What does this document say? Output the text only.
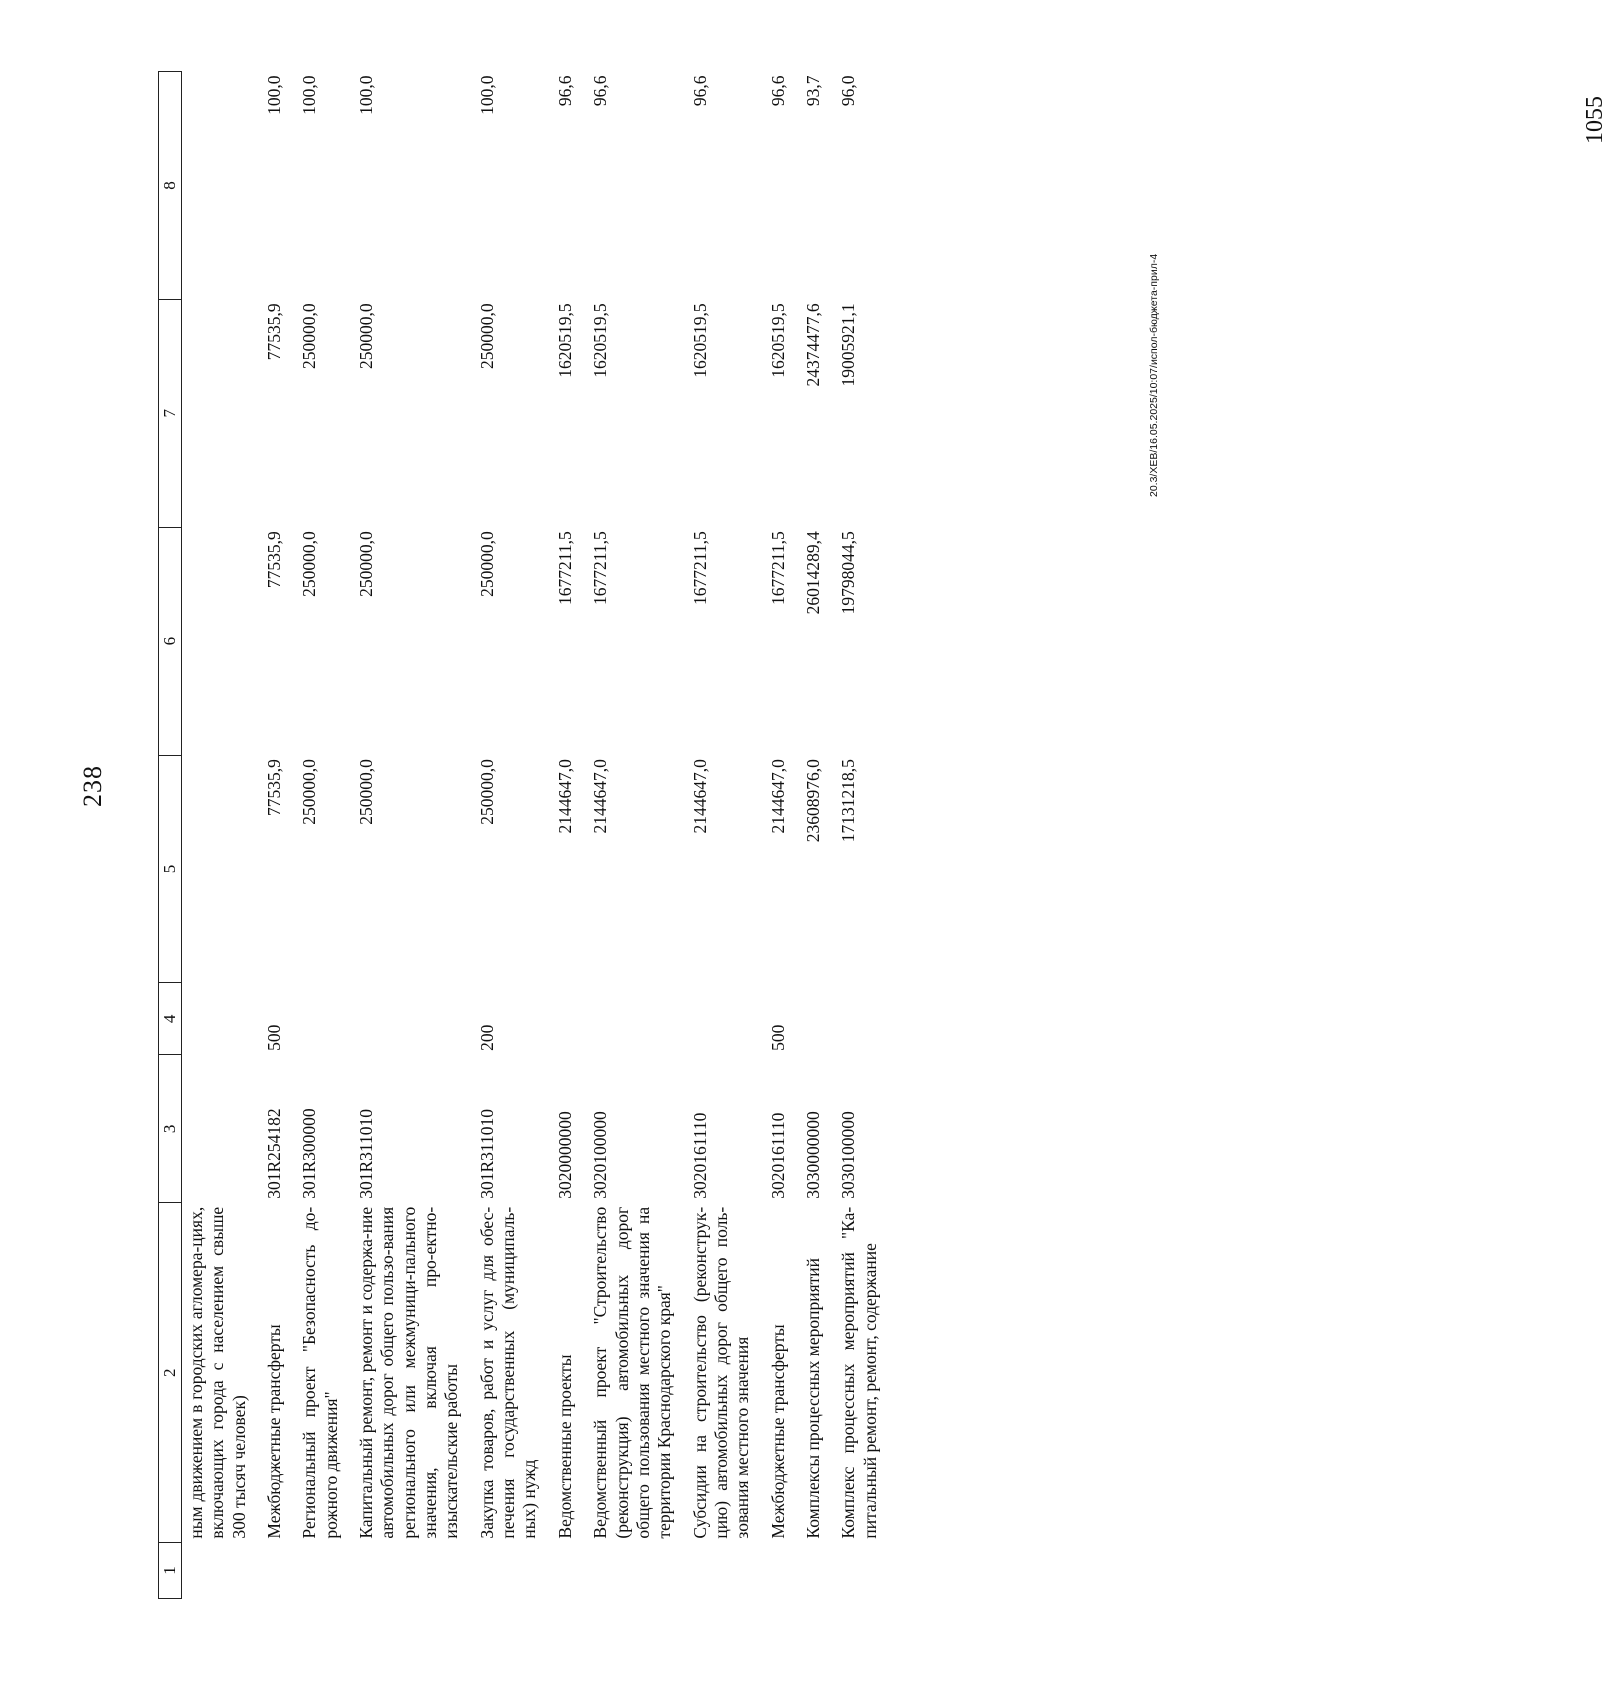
238
1	2	3	4	5	6	7	8
	ным движением в городских агломера-циях, включающих города с населением свыше 300 тысяч человек)						
	Межбюджетные трансферты	301R254182	500	77535,9	77535,9	77535,9	100,0
	Региональный проект "Безопасность до-рожного движения"	301R300000		250000,0	250000,0	250000,0	100,0
	Капитальный ремонт, ремонт и содержа-ние автомобильных дорог общего пользо-вания регионального или межмуници-пального значения, включая про-ектно-изыскательские работы	301R311010		250000,0	250000,0	250000,0	100,0
	Закупка товаров, работ и услуг для обес-печения государственных (муниципаль-ных) нужд	301R311010	200	250000,0	250000,0	250000,0	100,0
	Ведомственные проекты	3020000000		2144647,0	1677211,5	1620519,5	96,6
	Ведомственный проект "Строительство (реконструкция) автомобильных дорог общего пользования местного значения на территории Краснодарского края"	3020100000		2144647,0	1677211,5	1620519,5	96,6
	Субсидии на строительство (реконструк-цию) автомобильных дорог общего поль-зования местного значения	3020161110		2144647,0	1677211,5	1620519,5	96,6
	Межбюджетные трансферты	3020161110	500	2144647,0	1677211,5	1620519,5	96,6
	Комплексы процессных мероприятий	3030000000		23608976,0	26014289,4	24374477,6	93,7
	Комплекс процессных мероприятий "Ка-питальный ремонт, ремонт, содержание	3030100000		17131218,5	19798044,5	19005921,1	96,0
20.3/ХЕВ/16.05.2025/10:07/испол-бюджета-прил-4
1055
